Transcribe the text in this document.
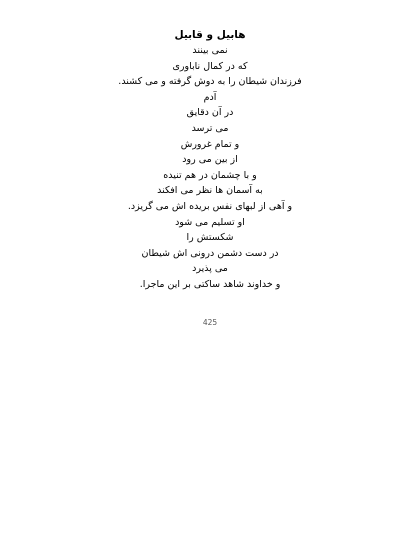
هابیل و قابیل
نمی بینند
که در کمال ناباوری
فرزندان شیطان را به دوش گرفته و می کشند.
آدم
در آن دقایق
می ترسد
و تمام غرورش
از بین می رود
و با چشمان در هم تنیده
به آسمان ها نظر می افکند
و آهی از لبهای نفس بریده اش می گریزد.
او تسلیم می شود
شکستش را
در دست دشمن درونی اش شیطان
می پذیرد
و خداوند شاهد ساکتی بر این ماجرا.
425
